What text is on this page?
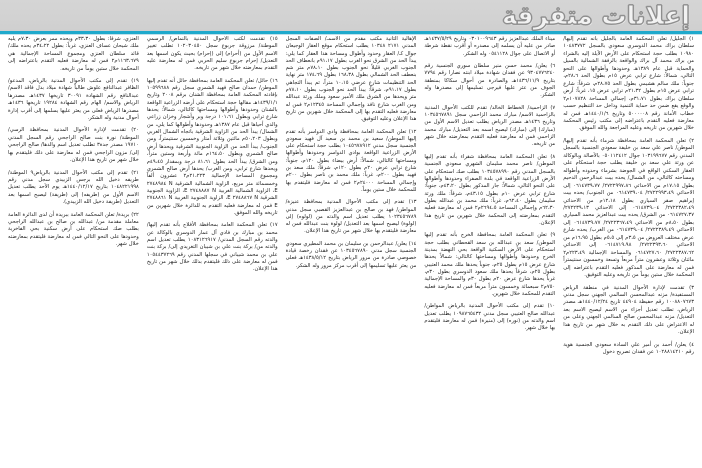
إعلانات متفرقة

١) الجليل/ تعلن المحكمة العامة بالجليل بأنه تقدم إليها/ سلطان براك محمد الدوسري سعودي بالسجل ١٠٤٨٣٧٧٢ ١٠٩٨٠ بطلب حجة استحكام على الأرض الآيلة إليه بالشراء من براك محمد آل براك والواقعة بالرفقة الشمالية بالسيل والحماية قبل عام ١٣٨٩هـ وحدودها وأطوالها على النحو التالي، شمالاً: شارع ترابي عرض ١٥م بطول الحد ٢٨،٦م، جنوباً: ملك سالم هشيمي بطول الحد ٢٨،٧٥م، شرقاً: شارع ترابي عرض ١٥م بطول ٢١،٣٢م ترابي عرض ١٥، غرباً: أرض سلطان براك بطول ٣١،٧١م، إجمالي المساحة ١٠٧٨٢٨م٢ والوقع يقع ضمن حد حماية التنمية وداخل حد التنظيم حسب خطاب الأمانة رقم ٥٠٠٠٠٠٨ وتاريخ ١٤٤٠/١/٦هـ فمن له معارضة فعليه التقدم باعتراضه إلى مكتب رئيس المحكمة خلال شهرين من تاريخه وعليه المراجعة والله الموفق.

٢) تعلن المحكمة العامة بمحافظة شرماء بأنه تقدم إليها/ الموطن/ ناصر علي سعد بن خليفة سعودي الجنسية بالسجل المدني رقم ١٠٣١٩٩٦٧٧ جوال ٠٥٠١١٢٤١٢ بالأصالة وبالوكالة عن ورثة علي سعد بن خليفة يطلب حجة استحكام على العقار السكني الواقع في الجوضة بشرماء وحدوده وأطواله ومساحته كالتالي، من الشمال/ يحده بيت عبدالرحمن الدحيم بطول ١٧،١٥م من الاحداثي ٢٧٢٢٩٩٧،٨٦/ ٠٦١٤٧٣٩،٧٧ إلى الاحداثي ٢٧٢٢٩٩٣،٤٩/ ٠٦١٤٧٣٩،٠٤ من الجنوب/ يحده بيت إبراهيم صقر السياري بطول ١٢،١٨م من الاحداثي ٢٧٢٢٣٨٢،٤٩/ ٠٦١٤٧٣٩،٠٤ إلى الاحداثي ٢٧٢٢٣٩،١٣/ ٠٦١٤٧٢٧،٣٧ من الشرق/ يحده بيت عبدالعزيز محمد السياري بطول ٨،٥٠م من الاحداثي ٢٧٢٢٣٦٧،٤٩/ ٠٦١٤٧٣٩،٧٧ إلى الاحداثي ٢٧٢٢٣٨٩،٤٩/ ٠٦١٤٧٣٩،٠٤ من الغرب/ يحده شارع عرض مختلف العروض من ٣،٥م إلى ٥،٥م بطول ١٦،٩٥م من الاحداثي ٢٧٢٢٣٩٣،٦٠/ ٠٦١٤٧١٩،٩٨ إلى الاحداثي ٢٧٢٢٣٨٧،٦٢/ ٠٦١٤٧٢٧،٦٠ والمساحة الإجمالية ٢٢٣،٤٩م٢ مائتان وثلاثة وعشرون متراً مربعاً وتسعة وخمسون سنتيمتراً فمن له معارضة على المذكور فعليه التقدم باعتراضه إلى المحكمة خلال ستين يوماً من تاريخه وعليه التوفيق.

٣) تقدمت لإدارة الأحوال المدنية في منطقة الرياض المستفيدة/ مزنه عبدالمحسن السالمي الجهني سجل مدني ١٠٠٨٨٠٧٦٧٣ رقم حفيظة ٤٤٩٠٤ تاريخ ١٤٤٠/١٢/٢٤هـ مصدر الرياض، تطلب تعديل أجزاء من الاسم ليصبح الاسم بعد التعديل/ مزنه عبدالمحسن صالح السالمي الجهني وعلى من له الاعتراض على ذلك التقدم به خلال شهر من تاريخ هذا الإعلان.

٤) يعلن/ أحمد بن أمير علي السادة سعودي الجنسية هوية رقم ١٠٢٨٨١٤٢١٠ عن فقدان تصريح دخول

ميناء الملك عبدالعزيز رقم ٠٣٠١٠٠٩٦٤٣ وتاريخ ١٤٣٧/٥/٢٩هـ صادر من عليه أن يسلمه إلى مصدره أو أقرب نقطة شرطة أو الاتصال على جوال ٠٥٤١١٢٨ وله الشكر.

٦) يعلن/ محمد حسن منير سلطان سوري الجنسية رقم ٩٣٠٤٧٧٦٢٤٠ عن فقدان شهادة ميلاد ابنته نصارا رقم ٧٧٩٤ بتاريخ ١٤٣٦/١١/٩هـ والصادرة من أحوال سكاكا بمنطقة الجوف من عثر عليها فيرجى تسليمها إلى مصدرها وله الشكر.

٧) الزاحمية/ الخطاط الخالد/ تقدم للكتب الأحوال المدنية بالزاحمية الاسم/ مبارك محمد الزاحمي سجل ١٠٣٤٥٦٧٨٩١ وتاريخ ١٤٣٦هـ مصدر الرياض يطلب تعديل الاسم الأول من (مبارك) إلى (مبارك) ليصبح اسمه بعد التعديل/ مبارك محمد الزاحمي فمن له معارضة فعليه التقدم بمعارضته خلال شهر من تاريخه.

٨) تعلن المحكمة العامة بمحافظة شقراء بأنه تقدم إليها الموطن/ ناصر محمد سليمان الشهري سعودي الجنسية بالسجل المدني رقم ١٠٣٤٥٧٨٩٩٠ بطلب صك استحكام على الأرض الزراعية الواقعة في بلدة الصفراء وحدودها وأطوالها على النحو التالي، شمالاً: جار المذكور بطول ٤٣،٢٠م، جنوباً: شارع ترابي عرض ١٠م بطول ٤٣،١٥م، شرقاً: ملك ورثة سليمان بطول ٦٢،٤٠م، غرباً: ملك محمد بن عبدالله بطول ٦٢،٣٠م وإجمالي المساحة ٢٦٩٤،٥م٢ فمن له معارضة فعليه التقدم بمعارضته إلى المحكمة خلال شهرين من تاريخ هذا الإعلان.

٩) تعلن المحكمة العامة بمحافظة الخرج بأنه تقدم إليها الموطن/ سعد بن عبدالله بن سعد القحطاني بطلب حجة استحكام على الأرض السكنية الواقعة بحي النهضة بمدينة الخرج وحدودها وأطوالها ومساحتها كالتالي: شمالاً يحدها شارع عرض ١٥م بطول ٢٥م، جنوباً يحدها ملك محمد العتيبي بطول ٢٥م، شرقاً يحدها ملك سعود الدوسري بطول ٣٠م، غرباً يحدها شارع عرض ٢٠م بطول ٣٠م والمساحة الإجمالية ٧٥٠م٢ سبعمائة وخمسون متراً مربعاً فمن له معارضة فعليه التقدم للمحكمة خلال شهرين.

١٠) تقدم إلى مكتب الأحوال المدنية بالرياض المواطن/ عبدالله صالح العتيبي سجل مدني ١٠٩٨٧٦٥٤٣٢ يطلب تعديل اسم والدته من (نوره) إلى (منيرة) فمن له معارضة فليتقدم بها خلال شهر.

الإهالية الثانية مكتب مقدم من الأسمـ/ الصفات السجل المدني ٢١٧١ ١٠٣٤٨ يطلب استحكام موقع العقار الوجيعان جوال كـ/ العقار وحدود وأطوال ومساحة هذا العقار كما يلي: يبدأ الحد من الشرق نحو الغرب بطول ٩١،١٧م بانعطاف الحد الجنوب الغربي قليلاً نحو الجنوب بطول ٧٨،١٠م متر شم بنعطف الحد الشمالي بطول ١٦٨،٣٨ بطول ١٧٤،٦٩ متر نهاية الحد التنظيمات شارع عرضي ١٠،١٥ متراً، ثم يبدأ التجاهي بطول ٩١،١٧م، شرقاً: يبدأ الحد نحو الجنوب بطول ٧٨،١٠م متر ويحدها من الشرق ملك الأمير سعود وملك ورثة عبدالله ومن الغرب شارع نافذ وإجمالي المساحة ١٢٣٤٥م٢ فمن له معارضة فعليه التقدم بها إلى المحكمة خلال شهرين من تاريخ هذا الإعلان وعليه التوفيق.

١٢) تعلن المحكمة العامة بمحافظة وادي الدواسر بأنه تقدم إليها الموطن/ سعيد بن محمد بن سعيد آل فهيد سعودي الجنسية سجل مدني ١٠٤٥٦٧٨٩١٢ بطلب حجة استحكام على الأرض الزراعية الواقعة بوادي الدواسر وحدودها وأطوالها ومساحتها كالتالي، شمالاً: أرض بيضاء بطول ١٢٠م، جنوباً: شارع ترابي عرض ٢٠م بطول ١٢٠م، شرقاً: ملك سعد بن فهيد بطول ٢٠٠م، غرباً: ملك محمد بن ناصر بطول ٢٠٠م وإجمالي المساحة ٢٤٠٠٠م٢ فمن له معارضة فليتقدم بها للمحكمة خلال ستين يوماً.

١٣) تقدم إلى مكتب الأحوال المدنية بمحافظة عنيزة/ المواطن/ فهد بن صالح بن عبدالعزيز القصبي سجل مدني ١٠٢٣٤٥٦٧٨٩ يطلب تعديل اسم والدته من (لولوه) إلى (لولوة) ليصبح اسمها بعد التعديل/ لولوة بنت عبدالله فمن له معارضة فليتقدم بها خلال شهر من تاريخ هذا الإعلان.

١٤) يعلن/ عبدالرحمن بن سليمان بن محمد المطيري سعودي الجنسية سجل مدني ١٠٣٤٥٦٧٨٩٠ عن فقدان رخصة قيادة خصوصي صادرة من مرور الرياض بتاريخ ١٤٣٨/٥/١٢هـ فعلى من يعثر عليها تسليمها إلى أقرب مركز مرور وله الشكر.

١٥) تقدمت لكتب الأحوال المدنية بالنماص/ الرسمي الموطنة/ مرزوقة جربوع سجل ١٠٢٠٣٠٤٥٠ تطلب تغيير الاسم الأول من (أحرام) إلى (إحرام) بحيث يكون اسمها بعد التعديل/ إحرام جربوع سليم الحربي فمن له معارضة عليه التقدم بمعارضته خلال شهر من تاريخه.

١٦) حائل/ تعلن المحكمة العامة بمحافظة حائل أنه تقدم إليها الموطن/ حمدان صالح فهيد الشمري سجل رقم ١٠٥٩٩٦٨٨ بإفادته المحكمة العامة بمحافظة الشنان برقم ٢٠٠٨ وتاريخ ١٤٣٩/١/١هـ مقالها حجة استحكام على أرضه الزراعية الواقعة بالشنان وحدودها وأطوالها ومساحتها كالتالي، شمالاً: يحدها شارع ترابي وبطول ١٠١،٦١ درجة وبر وأشجار وخزان زراعي والذي أحياها قبل عام ١٣٨٧هـ وحدودها وأطوالها كما يلي، من الشمال/ يبدأ الحد من الزاوية الشرقية باتجاه الشمال الغربي وبطول ٥٠،٢٠٣م مائتين وثلاثة أمتار وخمسين سنتيمتراً، ومن الجنوب/ يبدأ الحد من الزاوية الجنوبية الشرقية ويحدها أرض صالح الشمري وبطول ١٦٤،٥٠م مائة وأربعة وستين متراً، ومن الشرق/ يبدأ الحد بطول ٨١،٦١ درجة وبمقدار ٤٩،٤٥م ويحدها شارع ترابي، ومن الغرب/ يحدها أرض صالح الشمري ومجموع المساحة الإجمالية ٢١،٢٢٣م٢ عشرون ألفاً وخمسمائة متر مربع، الزاوية الشمالية الشرقية N ٢٧٤٨٩٨٤ E، الزاوية الشمالية الغربية N ٢٧٤٨٨٨٧ E، الزاوية الجنوبية الشرقية N ٢٧٤٨٨٦٧ E، الزاوية الجنوبية الغربية N ٢٧٤٨٨٦١ E فمن له معارضة فعليه التقدم به للدائرة خلال شهرين من تاريخه والله الموفق.

١٧) تعلن المحكمة العامة بمحافظة الأفلاج بأنه تقدم إليها/ محمد بن مبارك بن فادي آل عمار الدوسري بالوكالة عن والدته رقم السجل المدني/ ١٠٨٣١٢٦٩١٧ يطلب تعديل اسم والدته من/ بركة بنت علي بن شيبان التغريدي إلى/ بركة بنت علي بن محمد شيباني في سجلها المدني رقم ١٠٥٤٤٣٧٢٦٩ فمن له معارضة على ذلك فليتقدم بذلك خلال شهر من تاريخ هذا الإعلان.

العنزي، شرقاً: بطول ٣٣،٣٠م ويحده ممر بعرض ٧،٣٠م يليه ملك شيحان عساف العنزي، غرباً: بطول ٣٤،٢٢م يحده ملك/ قائد سلطان العنزي ومجموع المساحة الإجمالية هي ١١٦٣،٦٧٩م٢ فمن له معارضة فعليه التقدم باعتراضه إلى المحكمة خلال ستين يوماً من تاريخه.

١٩) تقدم إلى مكتب الأحوال المدنية بالرياض، المدعو/ الظافر عبدالنافع علوش طالباً شهادة ميلاد بدل فاقد الاسم/ عبدالنافع رقم الشهادة ٣٠٠٩١ تاريخها ١٤٣٧هـ مصدرها الرياض والاسم/ الهام رقم الشهادة ١٩٢٨٤ تاريخها ١٤٣٦هـ مصدرها الرياض فعلى من يعثر عليها يسلمها إلى أقرب إدارة أحوال مدنية وله الشكر.

٢٠) تقدمت لإدارة الأحوال المدنية بمحافظة الرسي/ الموطنة/ نورة بنت صالح الراجحي رقم السجل المدني ١٩٧١٠ مصدر جدة٣ تطلب تعديل اسم والدها/ صالح الراجحي إلى/ مزون الراجحي فمن له معارضة على ذلك فليتقدم بها خلال شهر من تاريخ هذا الإعلان.

٢١) تقدم إلى مكتب الأحوال المدنية بالرياض٩ الموطنة/ طريفه دخيل الله برجس الزبيدي سجل مدني رقم ١٠٤٨٢٢١٩٩٨ بتاريخ ١٤٤٠/١٢/١٧هـ يوم الأحد يطلب تعديل الاسم الأول من (طريفه) إلى (طريفة) ليصبح اسمها بعد التعديل (طريفة دخيل الله الزبيدي).

٢٢) بريدة/ تعلن المحكمة العامة ببريدة أن لدى الدائرة العامة معاملة مقدمة من/ عبدالله بن صالح بن عبدالله الراجحي بطلب صك استحكام على أرض سكنية بحي الفاخرية وحدودها على النحو التالي فمن له معارضة فليتقدم بمعارضته خلال شهر.
